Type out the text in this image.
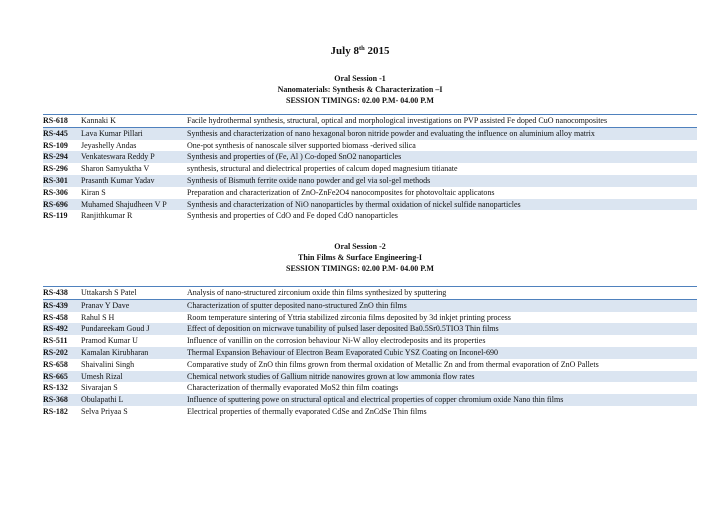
July 8th 2015
Oral Session -1
Nanomaterials: Synthesis & Characterization –I
SESSION TIMINGS: 02.00 P.M- 04.00 P.M
RS-618 Kannaki K	Facile hydrothermal synthesis, structural, optical and morphological investigations on PVP assisted Fe doped CuO nanocomposites
RS-445 Lava Kumar Pillari	Synthesis and characterization of nano hexagonal boron nitride powder and evaluating the influence on aluminium alloy matrix
RS-109 Jeyashelly Andas	One-pot synthesis of nanoscale silver supported biomass -derived silica
RS-294 Venkateswara Reddy P	Synthesis and properties of (Fe, Al ) Co-doped SnO2 nanoparticles
RS-296 Sharon Samyuktha V	synthesis, structural and dielectrical properties of calcum doped magnesium titianate
RS-301 Prasanth Kumar Yadav	Synthesis of Bismuth ferrite oxide nano powder and gel via sol-gel methods
RS-306 Kiran S	Preparation and characterization of ZnO-ZnFe2O4 nanocomposites for photovoltaic applicatons
RS-696 Muhamed Shajudheen V P	Synthesis and characterization of NiO nanoparticles by thermal oxidation of nickel sulfide nanoparticles
RS-119 Ranjithkumar R	Synthesis and properties of CdO and Fe doped CdO nanoparticles
Oral Session -2
Thin Films & Surface Engineering-I
SESSION TIMINGS: 02.00 P.M- 04.00 P.M
RS-438 Uttakarsh S Patel	Analysis of nano-structured zirconium oxide thin films synthesized by sputtering
RS-439 Pranav Y Dave	Characterization of sputter deposited nano-structured ZnO thin films
RS-458 Rahul S H	Room temperature sintering of Yttria stabilized zirconia films deposited by 3d inkjet printing process
RS-492 Pundareekam Goud J	Effect of deposition on micrwave tunability of pulsed laser deposited Ba0.5Sr0.5TIO3 Thin films
RS-511 Pramod Kumar U	Influence of vanillin on the corrosion behaviour Ni-W alloy electrodeposits and its properties
RS-202 Kamalan Kirubharan	Thermal Expansion Behaviour of Electron Beam Evaporated Cubic YSZ Coating on Inconel-690
RS-658 Shaivalini Singh	Comparative study of ZnO thin films grown from thermal oxidation of Metallic Zn and from thermal evaporation of ZnO Pallets
RS-665 Umesh Rizal	Chemical network studies of Gallium nitride nanowires grown at low ammonia flow rates
RS-132 Sivarajan S	Characterization of thermally evaporated MoS2 thin film coatings
RS-368 Obulapathi L	Influence of sputtering powe on structural optical and electrical properties of copper chromium oxide Nano thin films
RS-182 Selva Priyaa S	Electrical properties of thermally evaporated CdSe and ZnCdSe Thin films
